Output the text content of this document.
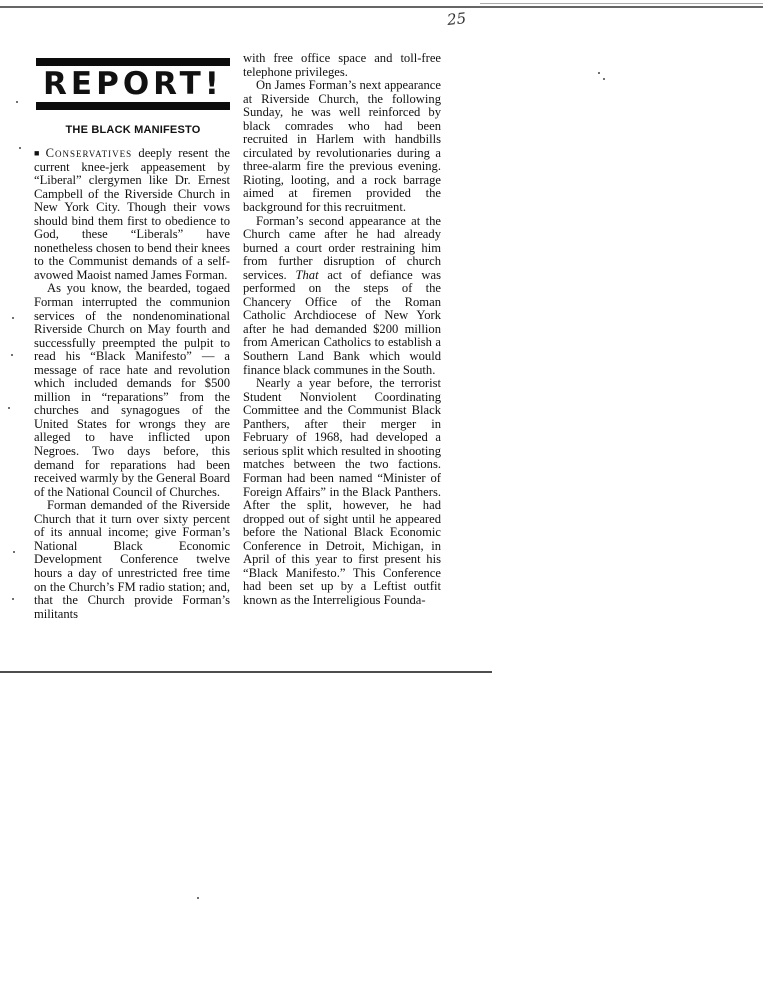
25
REPORT!
THE BLACK MANIFESTO

■ Conservatives deeply resent the current knee-jerk appeasement by “Liberal” clergymen like Dr. Ernest Campbell of the Riverside Church in New York City. Though their vows should bind them first to obedience to God, these “Liberals” have nonetheless chosen to bend their knees to the Communist demands of a self-avowed Maoist named James Forman.

As you know, the bearded, togaed Forman interrupted the communion services of the nondenominational Riverside Church on May fourth and successfully preempted the pulpit to read his “Black Manifesto” — a message of race hate and revolution which included demands for $500 million in “reparations” from the churches and synagogues of the United States for wrongs they are alleged to have inflicted upon Negroes. Two days before, this demand for reparations had been received warmly by the General Board of the National Council of Churches.

Forman demanded of the Riverside Church that it turn over sixty percent of its annual income; give Forman’s National Black Economic Development Conference twelve hours a day of unrestricted free time on the Church’s FM radio station; and, that the Church provide Forman’s militants

with free office space and toll-free telephone privileges.

On James Forman’s next appearance at Riverside Church, the following Sunday, he was well reinforced by black comrades who had been recruited in Harlem with handbills circulated by revolutionaries during a three-alarm fire the previous evening. Rioting, looting, and a rock barrage aimed at firemen provided the background for this recruitment.

Forman’s second appearance at the Church came after he had already burned a court order restraining him from further disruption of church services. That act of defiance was performed on the steps of the Chancery Office of the Roman Catholic Archdiocese of New York after he had demanded $200 million from American Catholics to establish a Southern Land Bank which would finance black communes in the South.

Nearly a year before, the terrorist Student Nonviolent Coordinating Committee and the Communist Black Panthers, after their merger in February of 1968, had developed a serious split which resulted in shooting matches between the two factions. Forman had been named “Minister of Foreign Affairs” in the Black Panthers. After the split, however, he had dropped out of sight until he appeared before the National Black Economic Conference in Detroit, Michigan, in April of this year to first present his “Black Manifesto.” This Conference had been set up by a Leftist outfit known as the Interreligious Founda-
